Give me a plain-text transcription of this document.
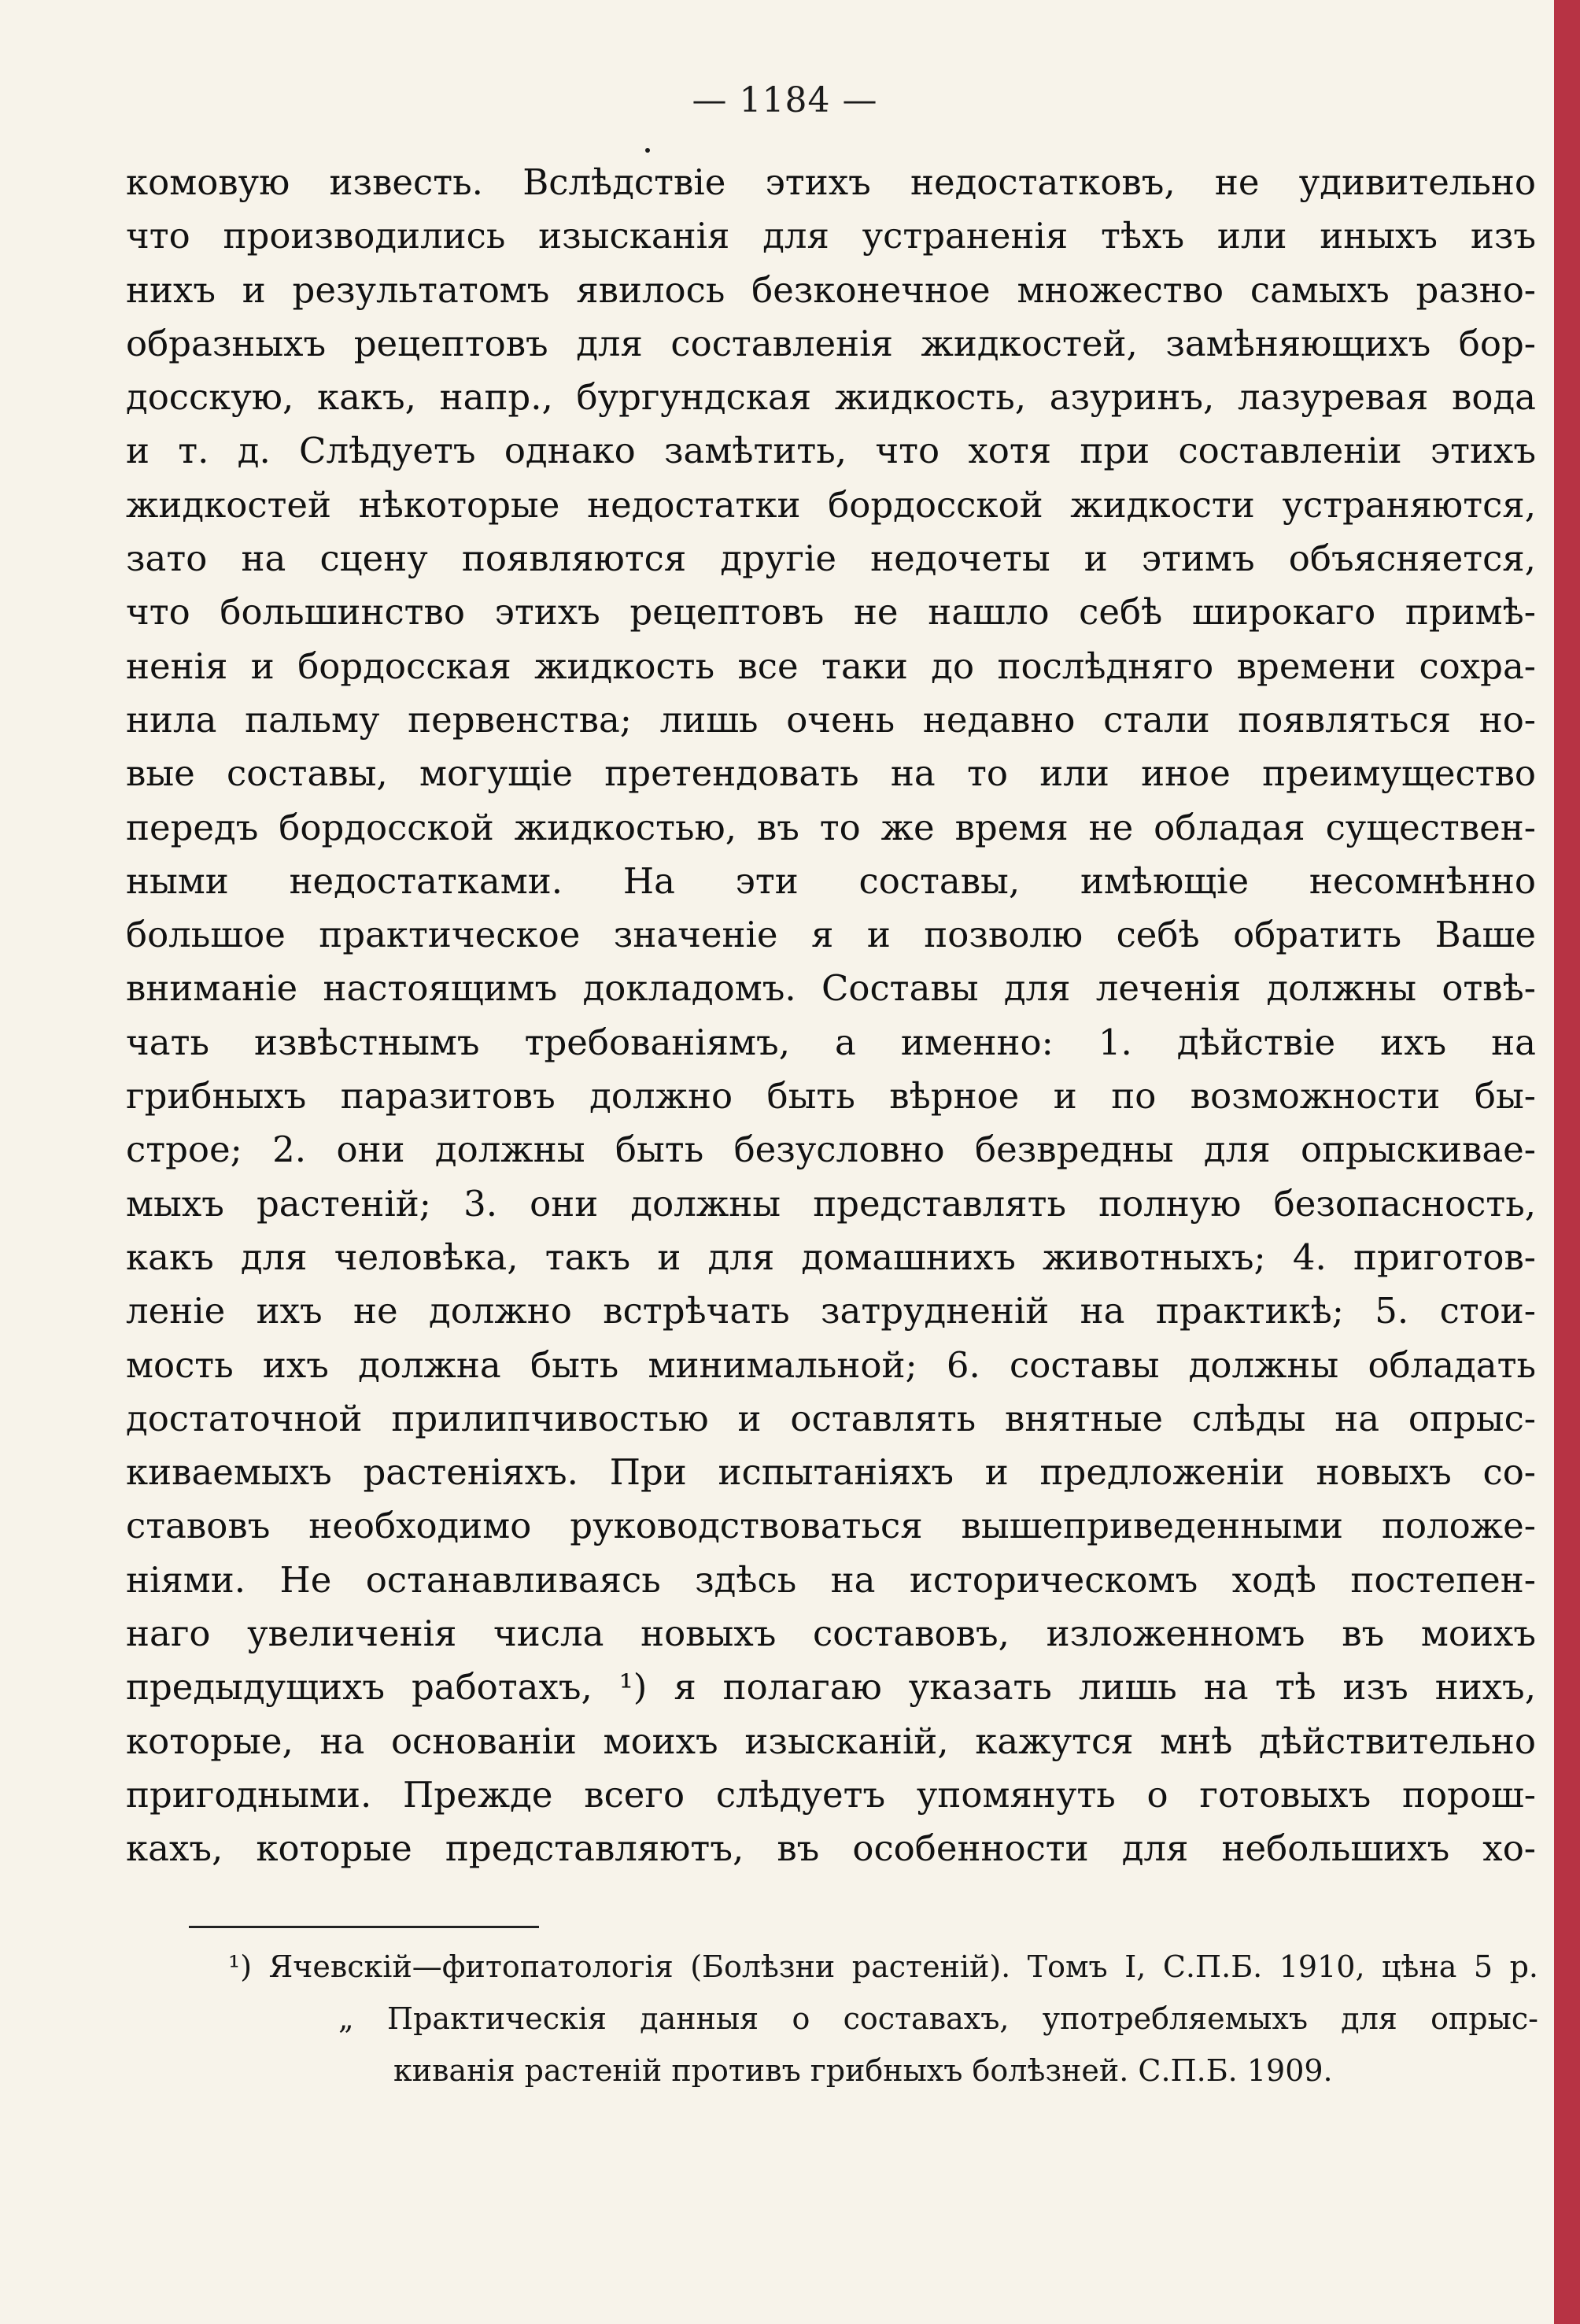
— 1184 —
комовую известь. Вслѣдствіе этихъ недостатковъ, не удивительно
что производились изысканія для устраненія тѣхъ или иныхъ изъ
нихъ и результатомъ явилось безконечное множество самыхъ разно-
образныхъ рецептовъ для составленія жидкостей, замѣняющихъ бор-
досскую, какъ, напр., бургундская жидкость, азуринъ, лазуревая вода
и т. д. Слѣдуетъ однако замѣтить, что хотя при составленіи этихъ
жидкостей нѣкоторые недостатки бордосской жидкости устраняются,
зато на сцену появляются другіе недочеты и этимъ объясняется,
что большинство этихъ рецептовъ не нашло себѣ широкаго примѣ-
ненія и бордосская жидкость все таки до послѣдняго времени сохра-
нила пальму первенства; лишь очень недавно стали появляться но-
вые составы, могущіе претендовать на то или иное преимущество
передъ бордосской жидкостью, въ то же время не обладая существен-
ными недостатками. На эти составы, имѣющіе несомнѣнно
большое практическое значеніе я и позволю себѣ обратить Ваше
вниманіе настоящимъ докладомъ. Составы для леченія должны отвѣ-
чать извѣстнымъ требованіямъ, а именно: 1. дѣйствіе ихъ на
грибныхъ паразитовъ должно быть вѣрное и по возможности бы-
строе; 2. они должны быть безусловно безвредны для опрыскивае-
мыхъ растеній; 3. они должны представлять полную безопасность,
какъ для человѣка, такъ и для домашнихъ животныхъ; 4. приготов-
леніе ихъ не должно встрѣчать затрудненій на практикѣ; 5. стои-
мость ихъ должна быть минимальной; 6. составы должны обладать
достаточной прилипчивостью и оставлять внятные слѣды на опрыс-
киваемыхъ растеніяхъ. При испытаніяхъ и предложеніи новыхъ со-
ставовъ необходимо руководствоваться вышеприведенными положе-
ніями. Не останавливаясь здѣсь на историческомъ ходѣ постепен-
наго увеличенія числа новыхъ составовъ, изложенномъ въ моихъ
предыдущихъ работахъ, ¹) я полагаю указать лишь на тѣ изъ нихъ,
которые, на основаніи моихъ изысканій, кажутся мнѣ дѣйствительно
пригодными. Прежде всего слѣдуетъ упомянуть о готовыхъ порош-
кахъ, которые представляютъ, въ особенности для небольшихъ хо-
¹) Ячевскій—фитопатологія (Болѣзни растеній). Томъ I, С.П.Б. 1910, цѣна 5 р.
„ Практическія данныя о составахъ, употребляемыхъ для опрыс-
киванія растеній противъ грибныхъ болѣзней. С.П.Б. 1909.
